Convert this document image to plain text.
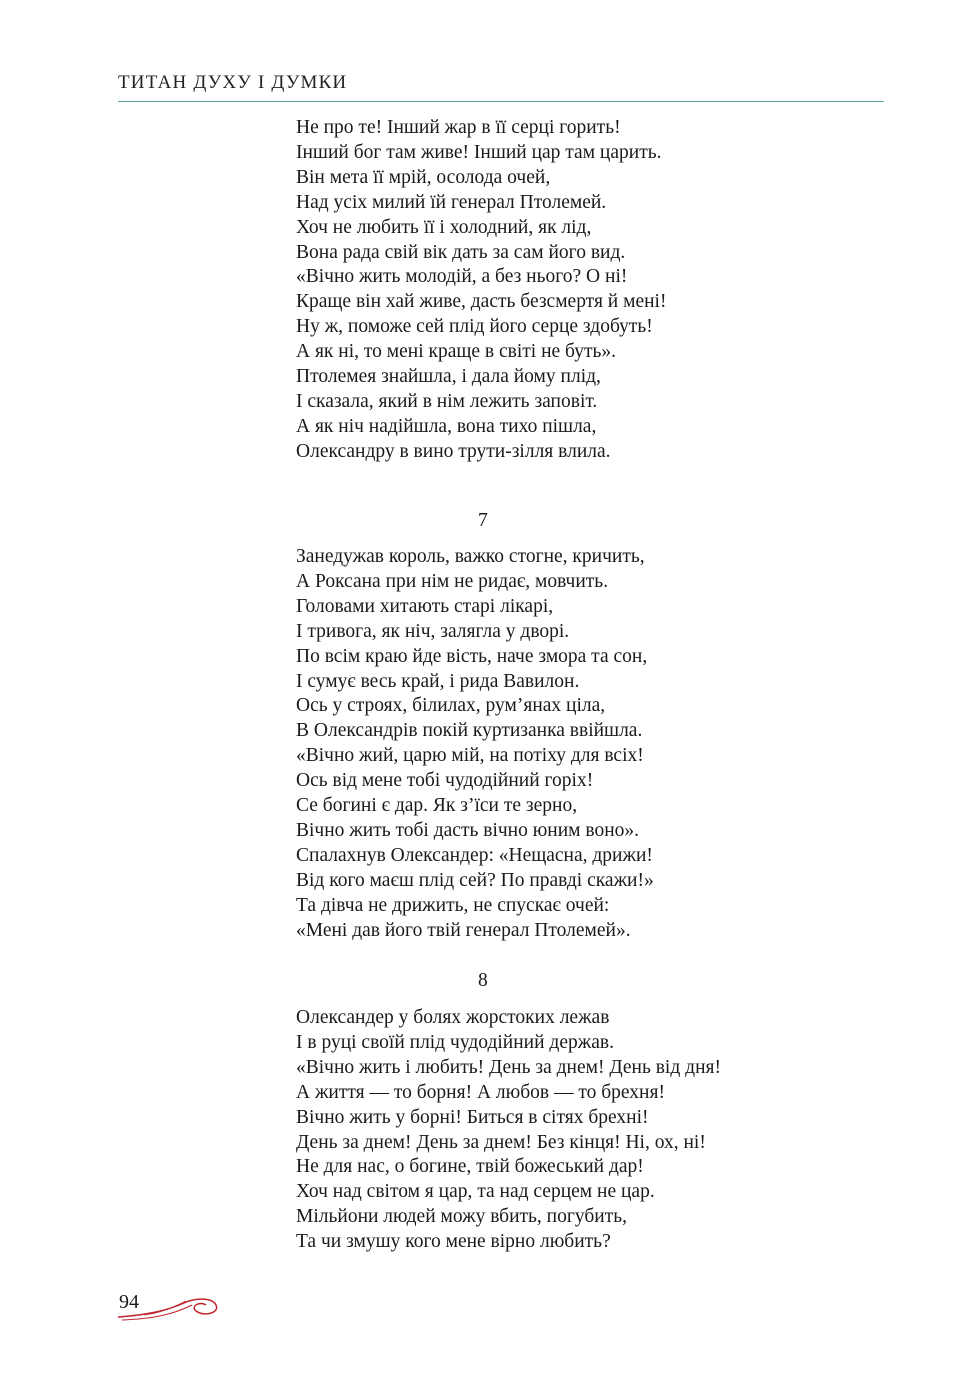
ТИТАН ДУХУ І ДУМКИ
Не про те! Інший жар в її серці горить!
Інший бог там живе! Інший цар там царить.
Він мета її мрій, осолода очей,
Над усіх милий їй генерал Птолемей.
Хоч не любить її і холодний, як лід,
Вона рада свій вік дать за сам його вид.
«Вічно жить молодій, а без нього? О ні!
Краще він хай живе, дасть безсмертя й мені!
Ну ж, поможе сей плід його серце здобуть!
А як ні, то мені краще в світі не буть».
Птолемея знайшла, і дала йому плід,
І сказала, який в нім лежить заповіт.
А як ніч надійшла, вона тихо пішла,
Олександру в вино трути-зілля влила.
7
Занедужав король, важко стогне, кричить,
А Роксана при нім не ридає, мовчить.
Головами хитають старі лікарі,
І тривога, як ніч, залягла у дворі.
По всім краю йде вість, наче змора та сон,
І сумує весь край, і рида Вавилон.
Ось у строях, білилах, рум’янах ціла,
В Олександрів покій куртизанка ввійшла.
«Вічно жий, царю мій, на потіху для всіх!
Ось від мене тобі чудодійний горіх!
Се богині є дар. Як з’їси те зерно,
Вічно жить тобі дасть вічно юним воно».
Спалахнув Олександер: «Нещасна, дрижи!
Від кого маєш плід сей? По правді скажи!»
Та дівча не дрижить, не спускає очей:
«Мені дав його твій генерал Птолемей».
8
Олександер у болях жорстоких лежав
І в руці своїй плід чудодійний держав.
«Вічно жить і любить! День за днем! День від дня!
А життя — то борня! А любов — то брехня!
Вічно жить у борні! Биться в сітях брехні!
День за днем! День за днем! Без кінця! Ні, ох, ні!
Не для нас, о богине, твій божеський дар!
Хоч над світом я цар, та над серцем не цар.
Мільйони людей можу вбить, погубить,
Та чи змушу кого мене вірно любить?
94
